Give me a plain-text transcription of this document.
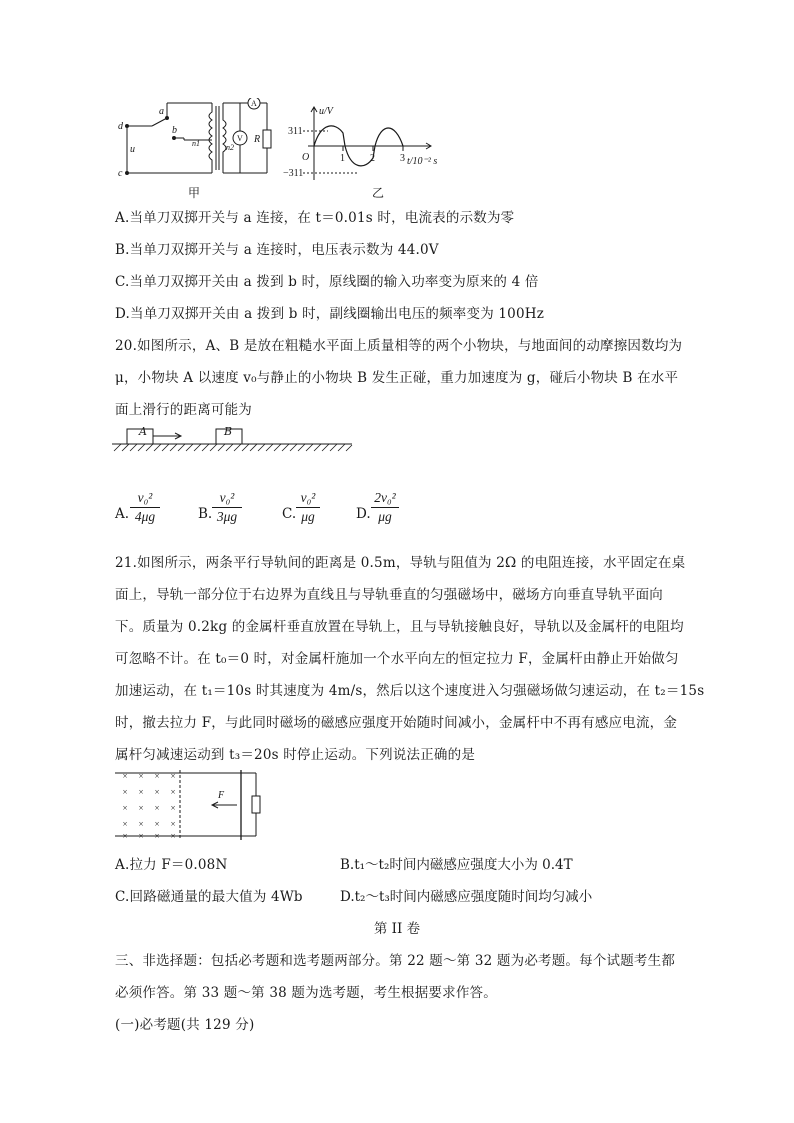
d
a
b
u
c
n1	n2
A
V R
甲
u/V
311
O
−311
1	2	3 t/10⁻² s
乙
A.当单刀双掷开关与 a 连接，在 t＝0.01s 时，电流表的示数为零
B.当单刀双掷开关与 a 连接时，电压表示数为 44.0V
C.当单刀双掷开关由 a 拨到 b 时，原线圈的输入功率变为原来的 4 倍
D.当单刀双掷开关由 a 拨到 b 时，副线圈输出电压的频率变为 100Hz
20.如图所示，A、B 是放在粗糙水平面上质量相等的两个小物块，与地面间的动摩擦因数均为
μ，小物块 A 以速度 v₀与静止的小物块 B 发生正碰，重力加速度为 g，碰后小物块 B 在水平
面上滑行的距离可能为
A	B
A.
v₀²
4μg	B.
v₀²
3μg	C.
v₀²
μg	D.
2v₀²
μg
21.如图所示，两条平行导轨间的距离是 0.5m，导轨与阻值为 2Ω 的电阻连接，水平固定在桌
面上，导轨一部分位于右边界为直线且与导轨垂直的匀强磁场中，磁场方向垂直导轨平面向
下。质量为 0.2kg 的金属杆垂直放置在导轨上，且与导轨接触良好，导轨以及金属杆的电阻均
可忽略不计。在 t₀＝0 时，对金属杆施加一个水平向左的恒定拉力 F，金属杆由静止开始做匀
加速运动，在 t₁＝10s 时其速度为 4m/s，然后以这个速度进入匀强磁场做匀速运动，在 t₂＝15s
时，撤去拉力 F，与此同时磁场的磁感应强度开始随时间减小，金属杆中不再有感应电流，金
属杆匀减速运动到 t₃＝20s 时停止运动。下列说法正确的是
× × × ×
× × × ×
× × × ×
× × × ×
× × × ×
F
A.拉力 F＝0.08N	B.t₁～t₂时间内磁感应强度大小为 0.4T
C.回路磁通量的最大值为 4Wb	D.t₂～t₃时间内磁感应强度随时间均匀减小
第 II 卷
三、非选择题：包括必考题和选考题两部分。第 22 题～第 32 题为必考题。每个试题考生都
必须作答。第 33 题～第 38 题为选考题，考生根据要求作答。
(一)必考题(共 129 分)
